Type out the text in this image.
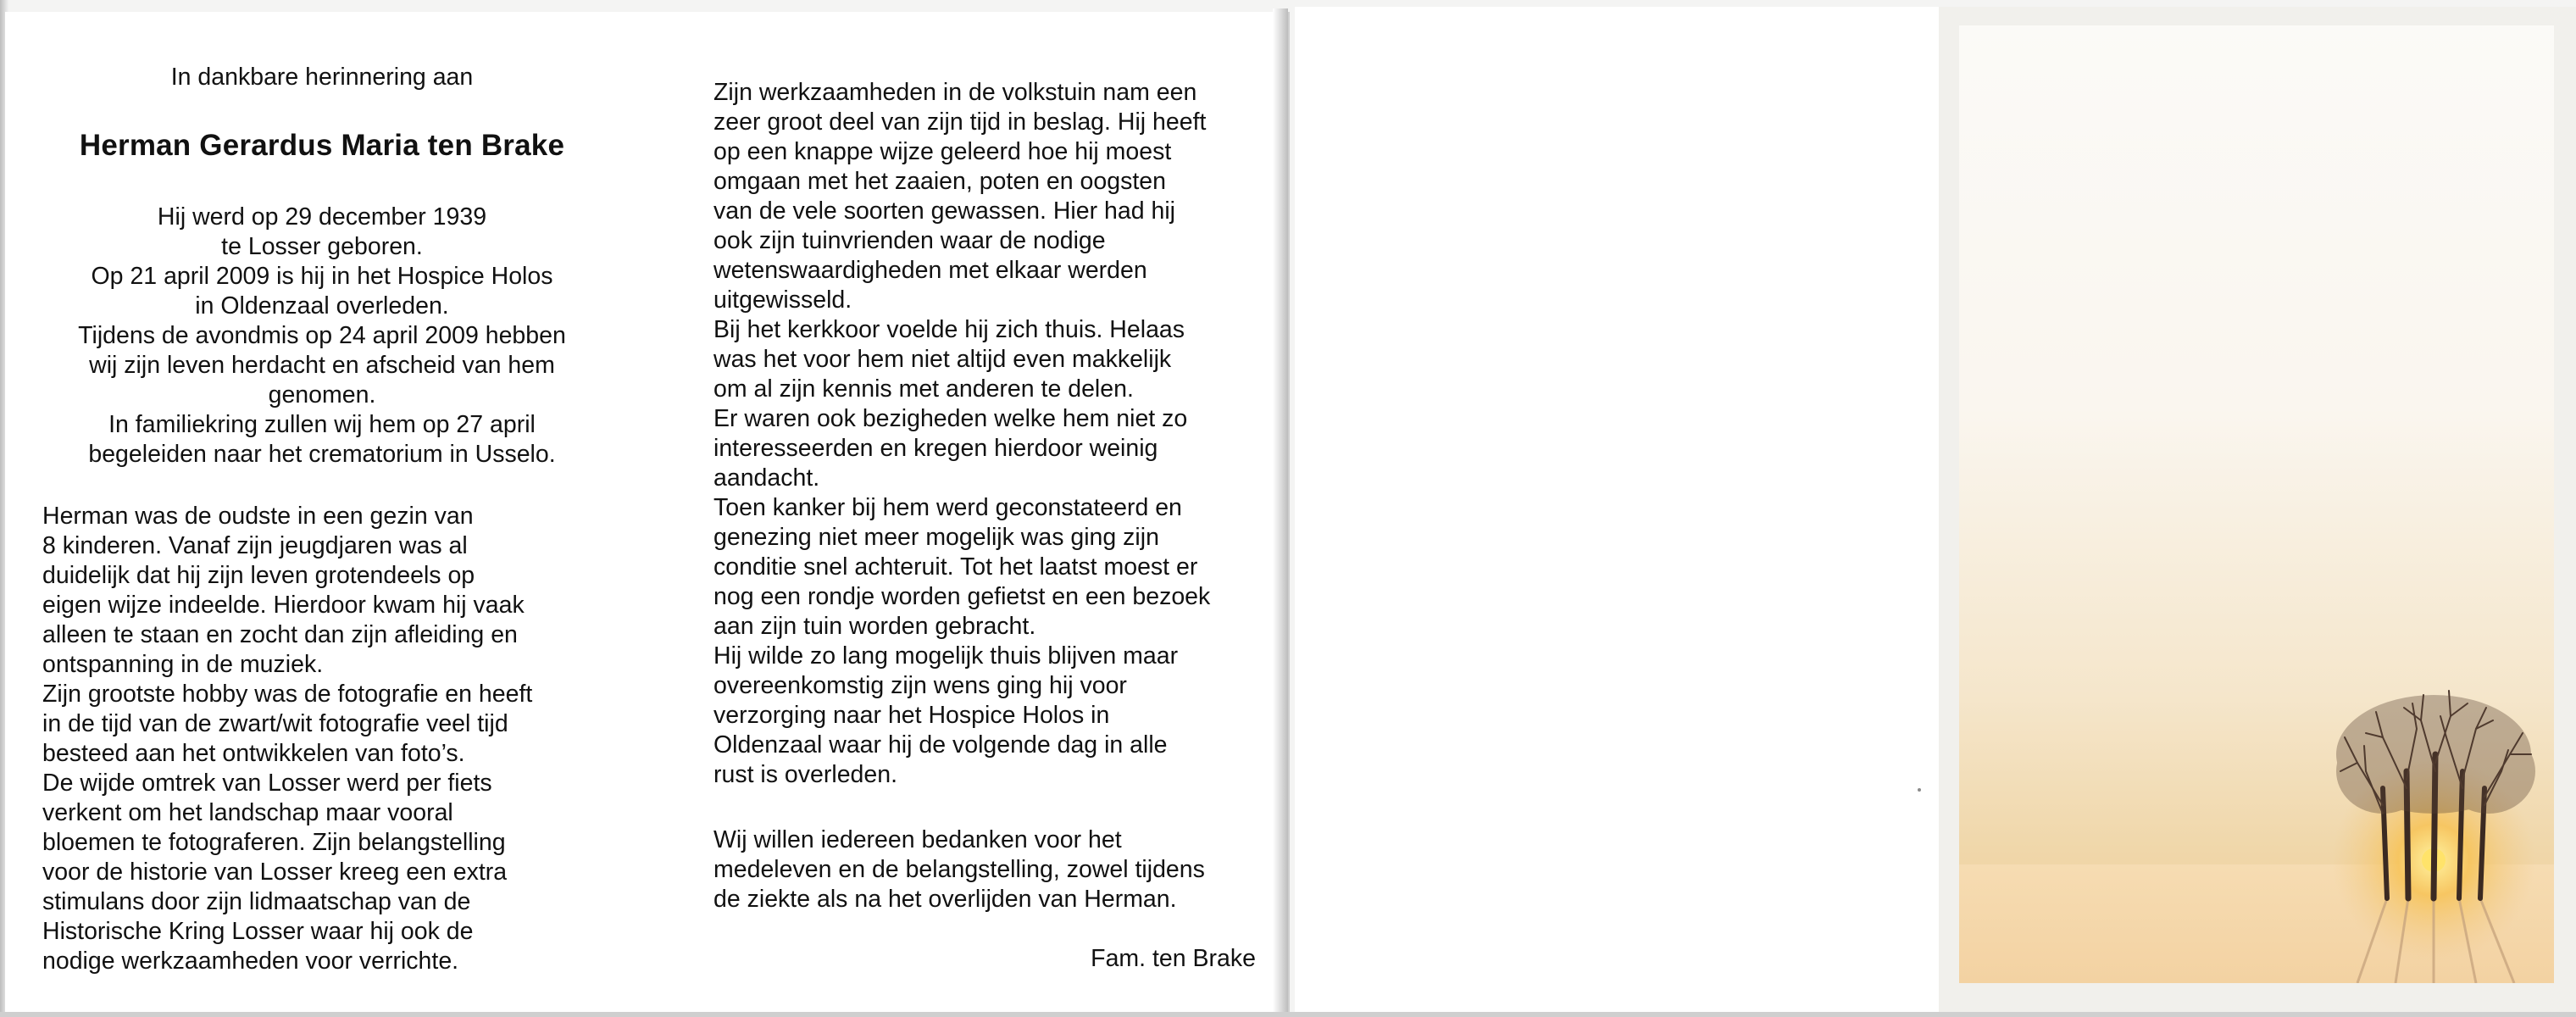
In dankbare herinnering aan
Herman Gerardus Maria ten Brake
Hij werd op 29 december 1939
te Losser geboren.
Op 21 april 2009 is hij in het Hospice Holos
in Oldenzaal overleden.
Tijdens de avondmis op 24 april 2009 hebben
wij zijn leven herdacht en afscheid van hem
genomen.
In familiekring zullen wij hem op 27 april
begeleiden naar het crematorium in Usselo.
Herman was de oudste in een gezin van
8 kinderen. Vanaf zijn jeugdjaren was al
duidelijk dat hij zijn leven grotendeels op
eigen wijze indeelde. Hierdoor kwam hij vaak
alleen te staan en zocht dan zijn afleiding en
ontspanning in de muziek.
Zijn grootste hobby was de fotografie en heeft
in de tijd van de zwart/wit fotografie veel tijd
besteed aan het ontwikkelen van foto’s.
De wijde omtrek van Losser werd per fiets
verkent om het landschap maar vooral
bloemen te fotograferen. Zijn belangstelling
voor de historie van Losser kreeg een extra
stimulans door zijn lidmaatschap van de
Historische Kring Losser waar hij ook de
nodige werkzaamheden voor verrichte.
Zijn werkzaamheden in de volkstuin nam een
zeer groot deel van zijn tijd in beslag. Hij heeft
op een knappe wijze geleerd hoe hij moest
omgaan met het zaaien, poten en oogsten
van de vele soorten gewassen. Hier had hij
ook zijn tuinvrienden waar de nodige
wetenswaardigheden met elkaar werden
uitgewisseld.
Bij het kerkkoor voelde hij zich thuis. Helaas
was het voor hem niet altijd even makkelijk
om al zijn kennis met anderen te delen.
Er waren ook bezigheden welke hem niet zo
interesseerden en kregen hierdoor weinig
aandacht.
Toen kanker bij hem werd geconstateerd en
genezing niet meer mogelijk was ging zijn
conditie snel achteruit. Tot het laatst moest er
nog een rondje worden gefietst en een bezoek
aan zijn tuin worden gebracht.
Hij wilde zo lang mogelijk thuis blijven maar
overeenkomstig zijn wens ging hij voor
verzorging naar het Hospice Holos in
Oldenzaal waar hij de volgende dag in alle
rust is overleden.
Wij willen iedereen bedanken voor het
medeleven en de belangstelling, zowel tijdens
de ziekte als na het overlijden van Herman.
Fam. ten Brake
